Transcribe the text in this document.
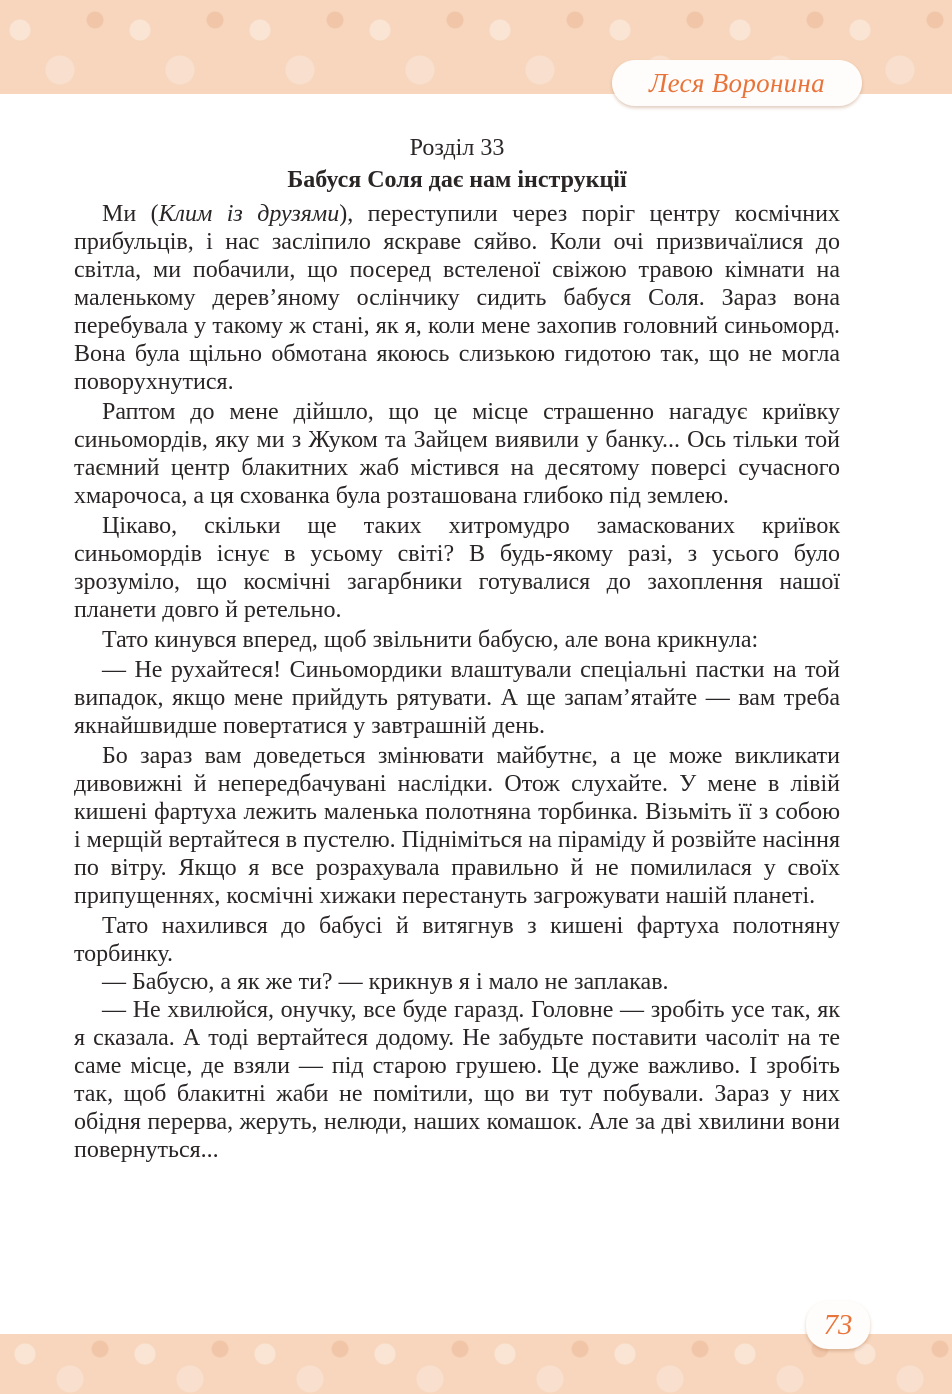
Леся Воронина
Розділ 33
Бабуся Соля дає нам інструкції

Ми (Клим із друзями), переступили через поріг центру космічних прибульців, і нас засліпило яскраве сяйво. Коли очі призвичаїлися до світла, ми побачили, що посеред вcтеленої свіжою травою кімнати на маленькому дерев’яному ослінчику сидить бабуся Соля. Зараз вона перебувала у такому ж стані, як я, коли мене захопив головний синьоморд. Вона була щільно обмотана якоюсь слизькою гидотою так, що не могла поворухнутися.

Раптом до мене дійшло, що це місце страшенно нагадує криївку синьомордів, яку ми з Жуком та Зайцем виявили у банку... Ось тільки той таємний центр блакитних жаб містився на десятому поверсі сучасного хмарочоса, а ця схованка була розташована глибоко під землею.

Цікаво, скільки ще таких хитромудро замаскованих криївок синьомордів існує в усьому світі? В будь-якому разі, з усього було зрозуміло, що космічні загарбники готувалися до захоплення нашої планети довго й ретельно.

Тато кинувся вперед, щоб звільнити бабусю, але вона крикнула:

— Не рухайтеся! Синьомордики влаштували спеціальні пастки на той випадок, якщо мене прийдуть рятувати. А ще запам’ятайте — вам треба якнайшвидше повертатися у завтрашній день.

Бо зараз вам доведеться змінювати майбутнє, а це може викликати дивовижні й непередбачувані наслідки. Отож слухайте. У мене в лівій кишені фартуха лежить маленька полотняна торбинка. Візьміть її з собою і мерщій вертайтеся в пустелю. Підніміться на піраміду й розвійте насіння по вітру. Якщо я все розрахувала правильно й не помилилася у своїх припущеннях, космічні хижаки перестануть загрожувати нашій планеті.

Тато нахилився до бабусі й витягнув з кишені фартуха полотняну торбинку.

— Бабусю, а як же ти? — крикнув я і мало не заплакав.

— Не хвилюйся, онучку, все буде гаразд. Головне — зробіть усе так, як я сказала. А тоді вертайтеся додому. Не забудьте поставити часолiт на те саме місце, де взяли — під старою грушею. Це дуже важливо. І зробіть так, щоб блакитні жаби не помітили, що ви тут побували. Зараз у них обідня перерва, жеруть, нелюди, наших комашок. Але за дві хвилини вони повернуться...

73
